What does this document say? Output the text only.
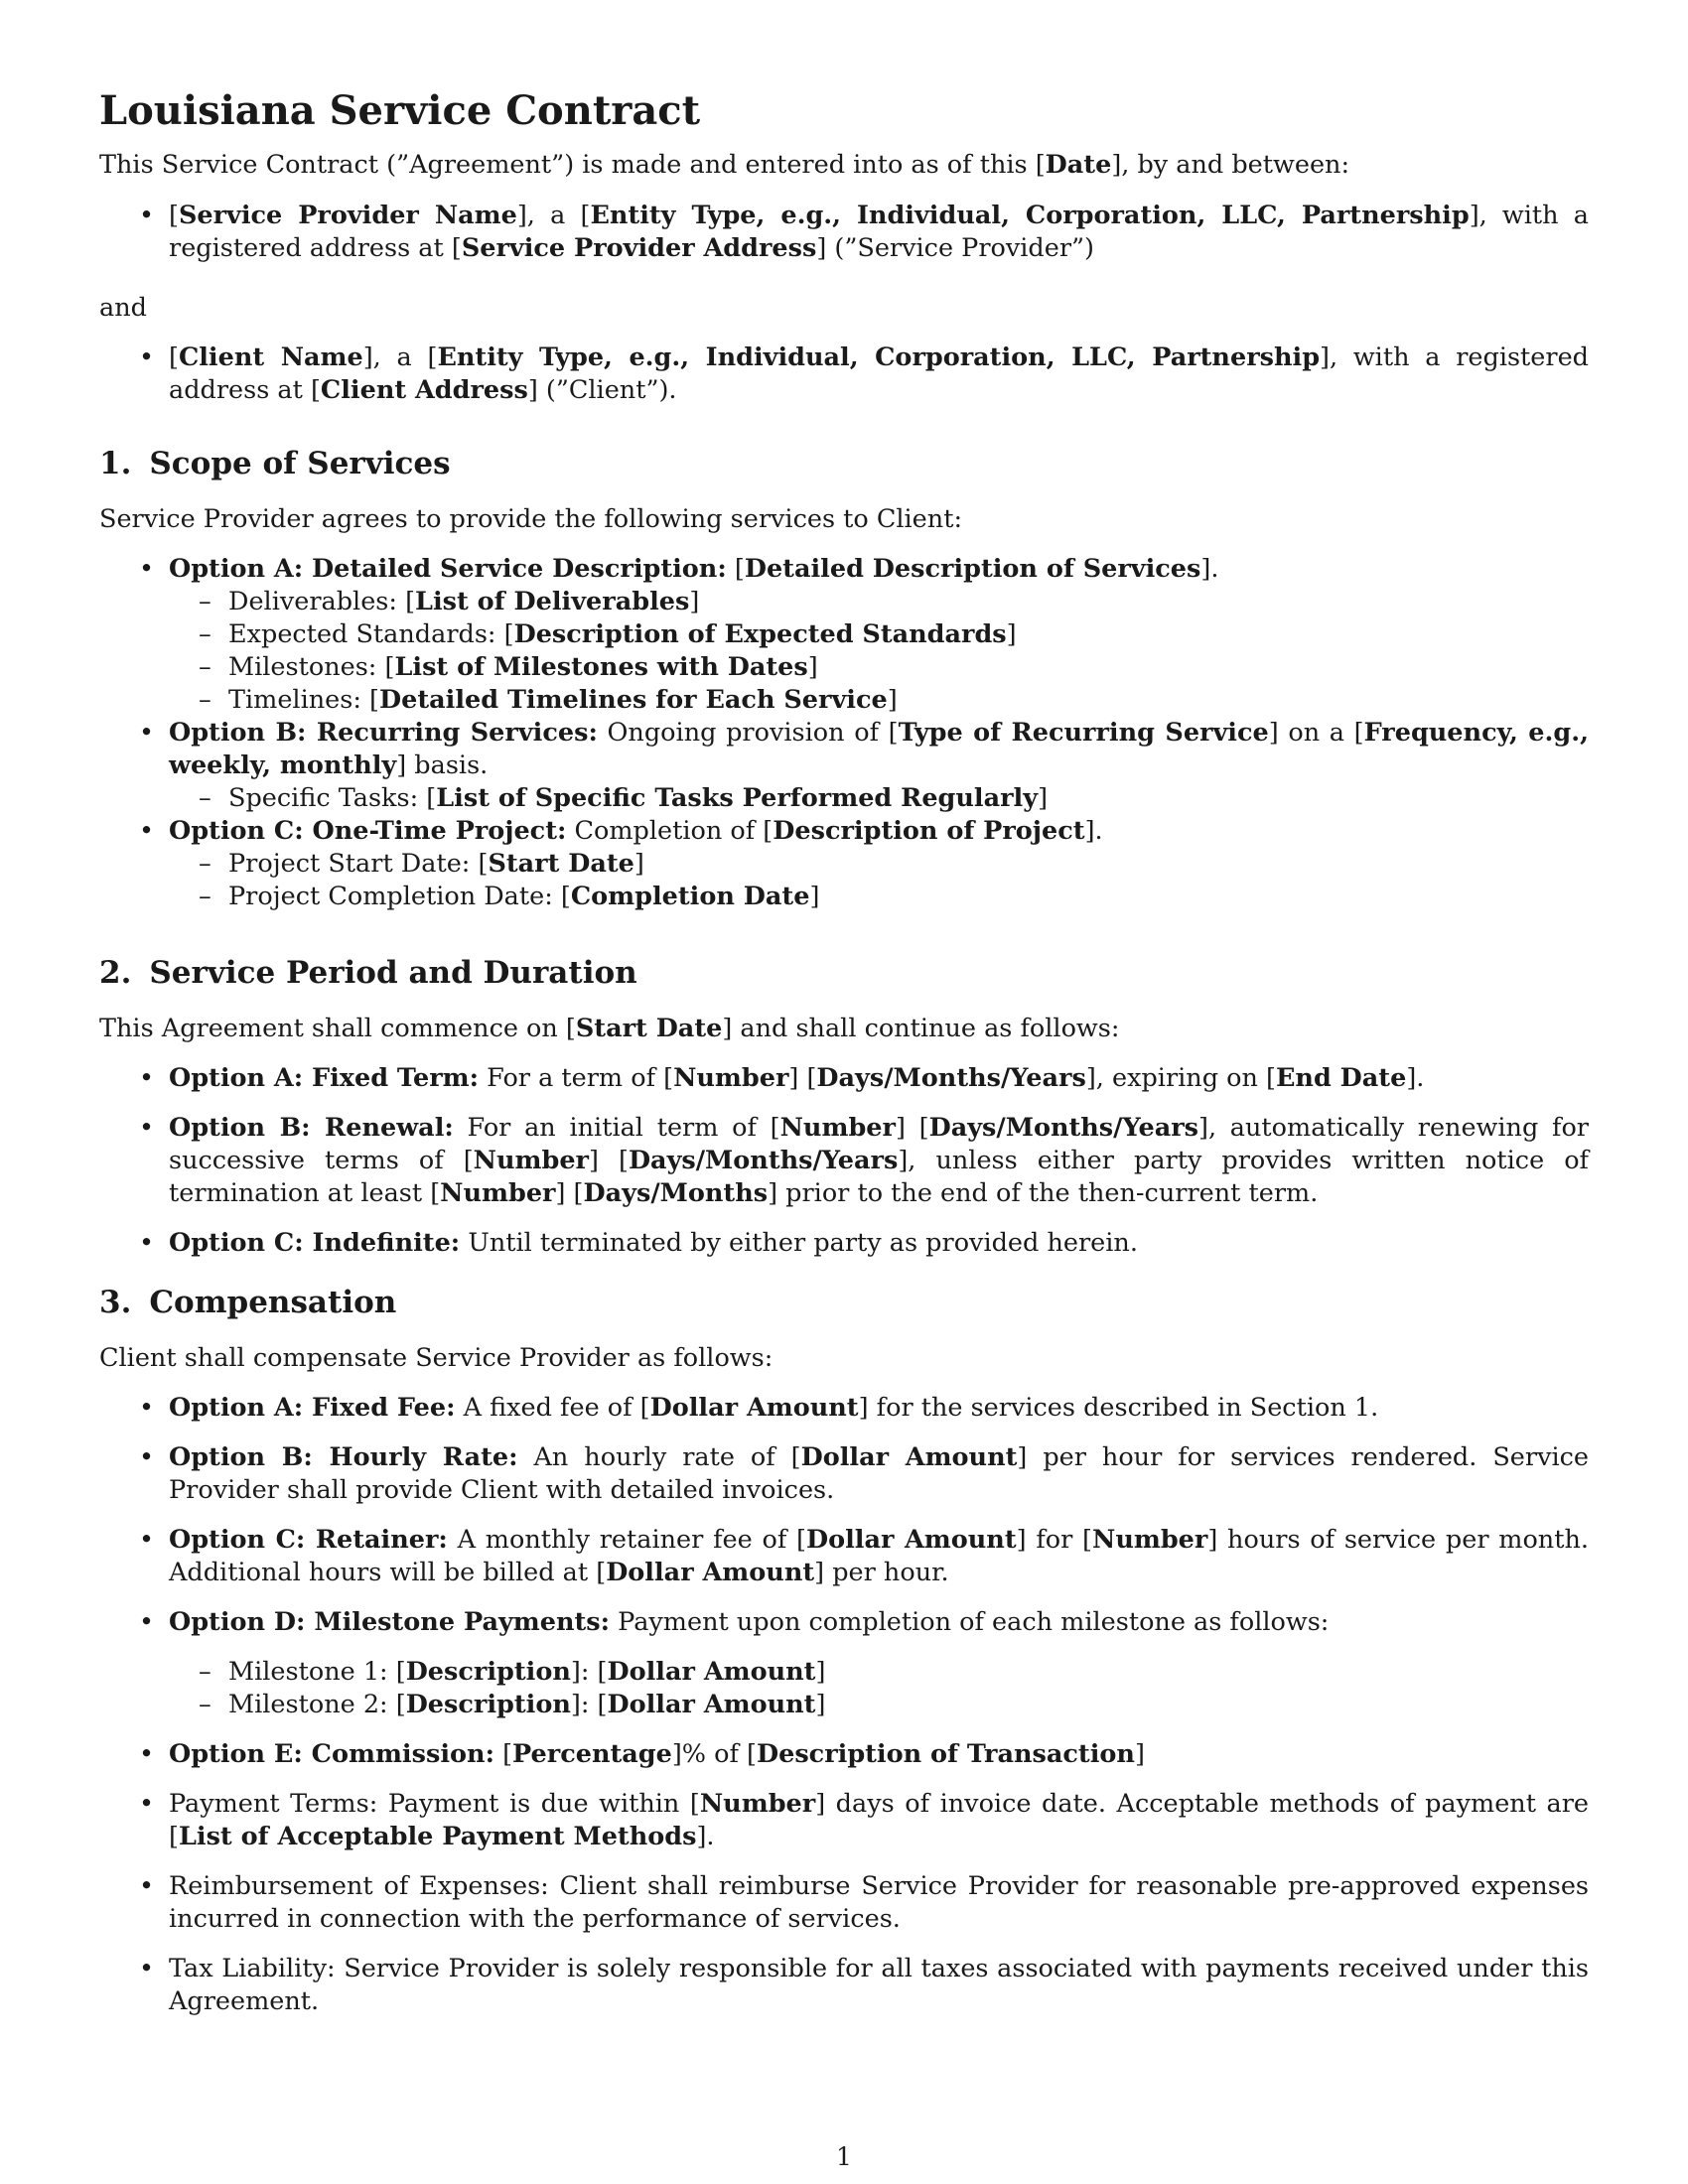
Louisiana Service Contract

This Service Contract (”Agreement”) is made and entered into as of this [Date], by and between:

• [Service Provider Name], a [Entity Type, e.g., Individual, Corporation, LLC, Partnership], with a registered address at [Service Provider Address] (”Service Provider”)

and

• [Client Name], a [Entity Type, e.g., Individual, Corporation, LLC, Partnership], with a registered address at [Client Address] (”Client”).

1. Scope of Services

Service Provider agrees to provide the following services to Client:

• Option A: Detailed Service Description: [Detailed Description of Services].

– Deliverables: [List of Deliverables]

– Expected Standards: [Description of Expected Standards]

– Milestones: [List of Milestones with Dates]

– Timelines: [Detailed Timelines for Each Service]

• Option B: Recurring Services: Ongoing provision of [Type of Recurring Service] on a [Frequency, e.g., weekly, monthly] basis.

– Specific Tasks: [List of Specific Tasks Performed Regularly]

• Option C: One-Time Project: Completion of [Description of Project].

– Project Start Date: [Start Date]

– Project Completion Date: [Completion Date]

2. Service Period and Duration

This Agreement shall commence on [Start Date] and shall continue as follows:

• Option A: Fixed Term: For a term of [Number] [Days/Months/Years], expiring on [End Date].

• Option B: Renewal: For an initial term of [Number] [Days/Months/Years], automatically renewing for successive terms of [Number] [Days/Months/Years], unless either party provides written notice of termination at least [Number] [Days/Months] prior to the end of the then-current term.

• Option C: Indefinite: Until terminated by either party as provided herein.

3. Compensation

Client shall compensate Service Provider as follows:

• Option A: Fixed Fee: A fixed fee of [Dollar Amount] for the services described in Section 1.

• Option B: Hourly Rate: An hourly rate of [Dollar Amount] per hour for services rendered. Service Provider shall provide Client with detailed invoices.

• Option C: Retainer: A monthly retainer fee of [Dollar Amount] for [Number] hours of service per month. Additional hours will be billed at [Dollar Amount] per hour.

• Option D: Milestone Payments: Payment upon completion of each milestone as follows:

– Milestone 1: [Description]: [Dollar Amount]

– Milestone 2: [Description]: [Dollar Amount]

• Option E: Commission: [Percentage]% of [Description of Transaction]

• Payment Terms: Payment is due within [Number] days of invoice date. Acceptable methods of payment are [List of Acceptable Payment Methods].

• Reimbursement of Expenses: Client shall reimburse Service Provider for reasonable pre-approved expenses incurred in connection with the performance of services.

• Tax Liability: Service Provider is solely responsible for all taxes associated with payments received under this Agreement.

1
